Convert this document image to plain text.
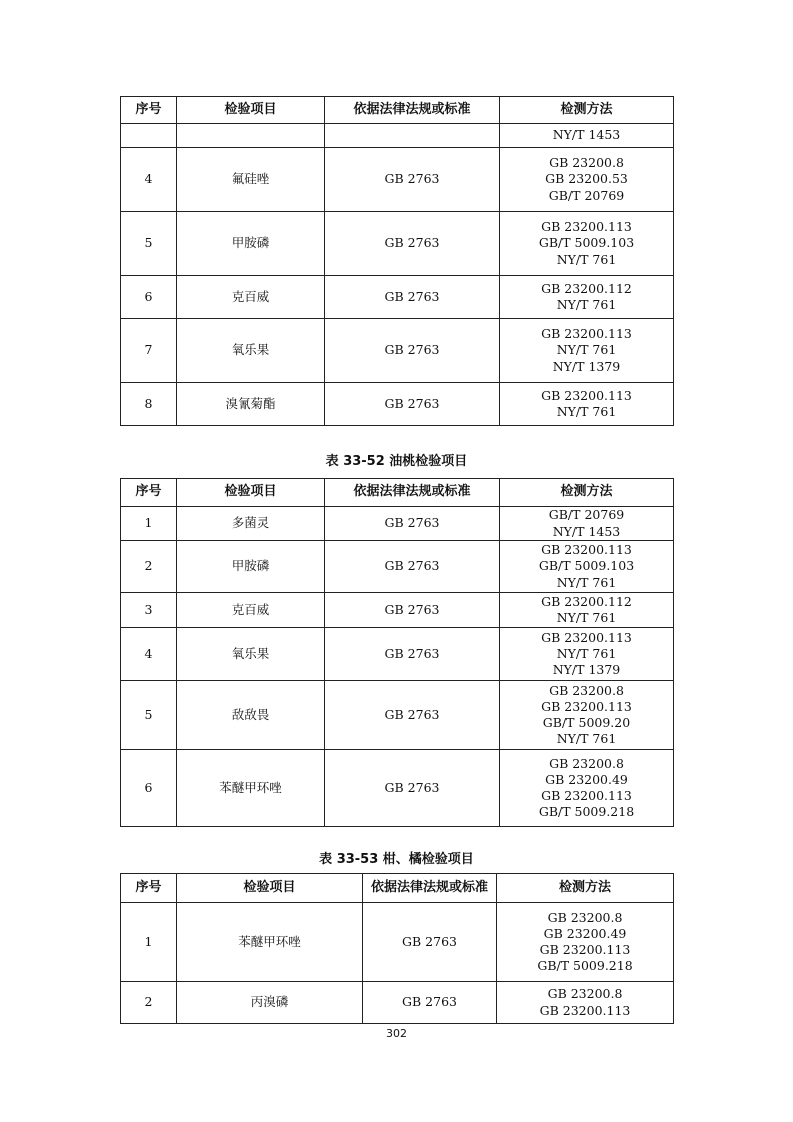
序号	检验项目	依据法律法规或标准	检测方法

			NY/T 1453

4	氟硅唑	GB 2763	GB 23200.8
GB 23200.53
GB/T 20769

5	甲胺磷	GB 2763	GB 23200.113
GB/T 5009.103
NY/T 761

6	克百威	GB 2763	GB 23200.112
NY/T 761

7	氧乐果	GB 2763	GB 23200.113
NY/T 761
NY/T 1379

8	溴氰菊酯	GB 2763	GB 23200.113
NY/T 761
表 33-52 油桃检验项目
序号	检验项目	依据法律法规或标准	检测方法
1	多菌灵	GB 2763	GB/T 20769
NY/T 1453

2	甲胺磷	GB 2763	GB 23200.113
GB/T 5009.103
NY/T 761

3	克百威	GB 2763	GB 23200.112
NY/T 761

4	氧乐果	GB 2763	GB 23200.113
NY/T 761
NY/T 1379

5	敌敌畏	GB 2763	GB 23200.8
GB 23200.113
GB/T 5009.20
NY/T 761

6	苯醚甲环唑	GB 2763	GB 23200.8
GB 23200.49
GB 23200.113
GB/T 5009.218
表 33-53 柑、橘检验项目
序号	检验项目	依据法律法规或标准	检测方法
1	苯醚甲环唑	GB 2763	GB 23200.8
GB 23200.49
GB 23200.113
GB/T 5009.218

2	丙溴磷	GB 2763	GB 23200.8
GB 23200.113
302
